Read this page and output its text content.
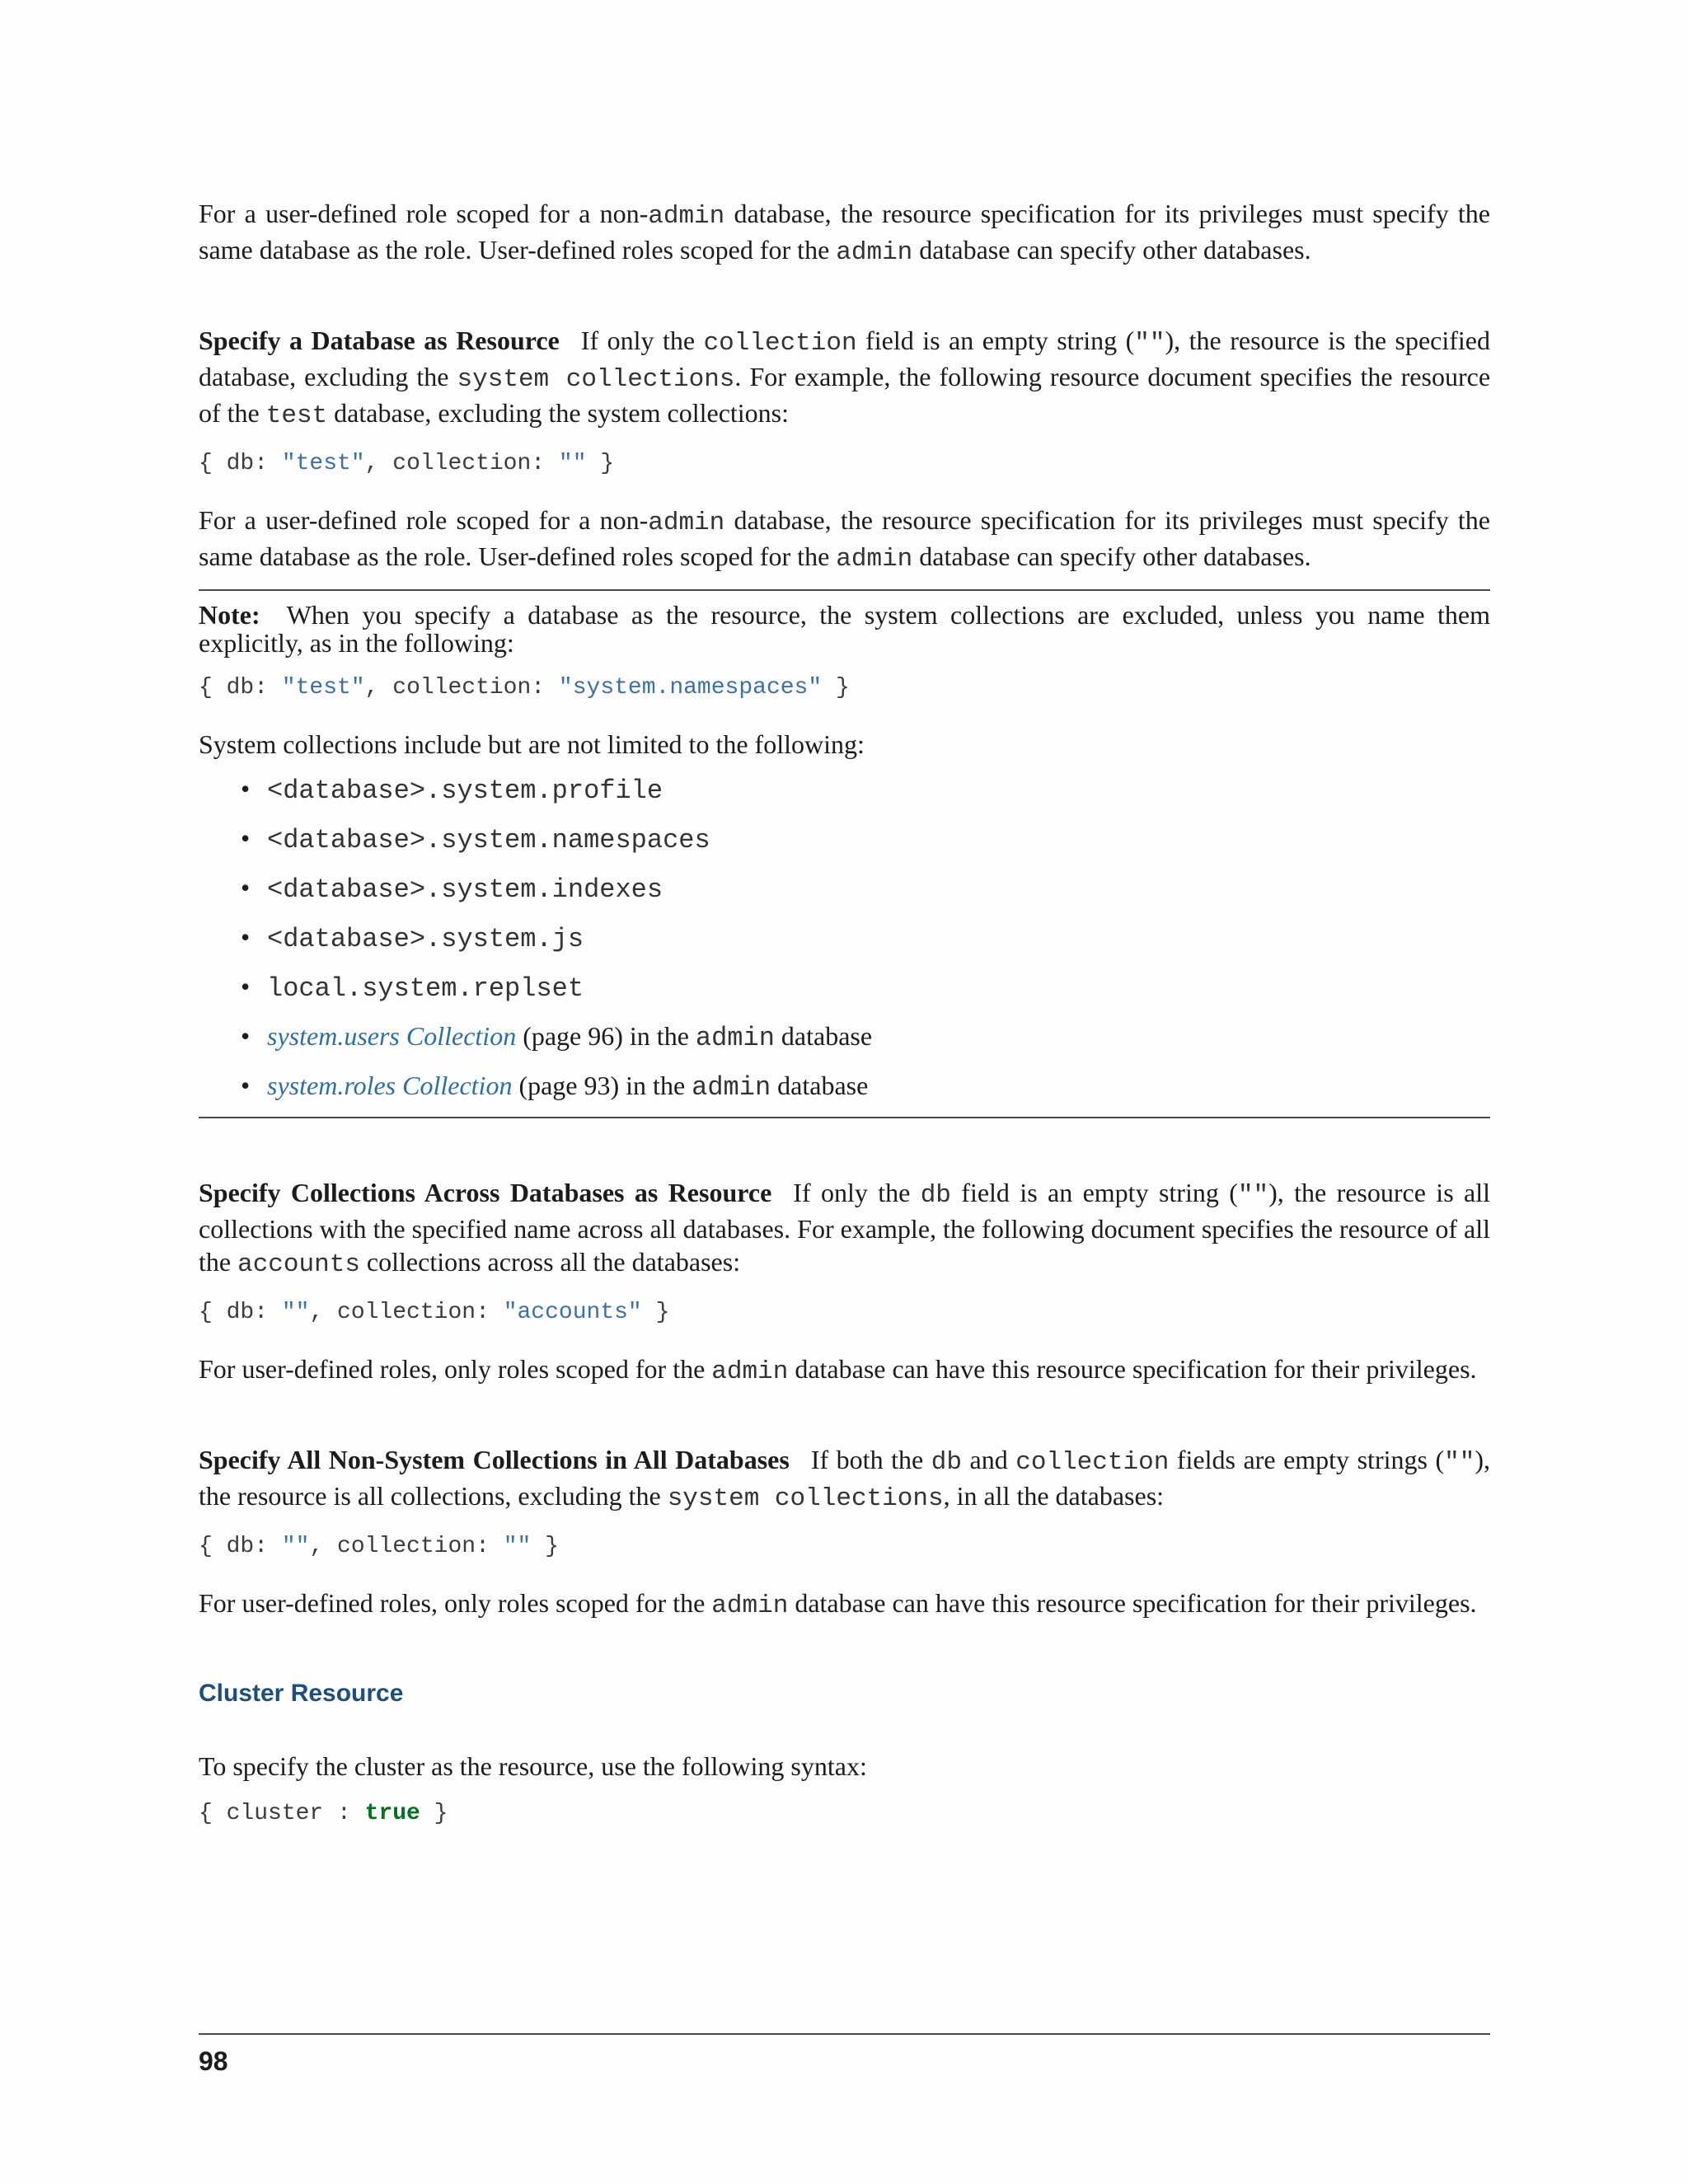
For a user-defined role scoped for a non-admin database, the resource specification for its privileges must specify the same database as the role. User-defined roles scoped for the admin database can specify other databases.

Specify a Database as Resource If only the collection field is an empty string (""), the resource is the specified database, excluding the system collections. For example, the following resource document specifies the resource of the test database, excluding the system collections:

{ db: "test", collection: "" }

For a user-defined role scoped for a non-admin database, the resource specification for its privileges must specify the same database as the role. User-defined roles scoped for the admin database can specify other databases.

Note: When you specify a database as the resource, the system collections are excluded, unless you name them explicitly, as in the following:

{ db: "test", collection: "system.namespaces" }

System collections include but are not limited to the following:

• <database>.system.profile
• <database>.system.namespaces
• <database>.system.indexes
• <database>.system.js
• local.system.replset
• system.users Collection (page 96) in the admin database
• system.roles Collection (page 93) in the admin database

Specify Collections Across Databases as Resource If only the db field is an empty string (""), the resource is all collections with the specified name across all databases. For example, the following document specifies the resource of all the accounts collections across all the databases:

{ db: "", collection: "accounts" }

For user-defined roles, only roles scoped for the admin database can have this resource specification for their privileges.

Specify All Non-System Collections in All Databases If both the db and collection fields are empty strings (""), the resource is all collections, excluding the system collections, in all the databases:

{ db: "", collection: "" }

For user-defined roles, only roles scoped for the admin database can have this resource specification for their privileges.

Cluster Resource

To specify the cluster as the resource, use the following syntax:

{ cluster : true }
98
